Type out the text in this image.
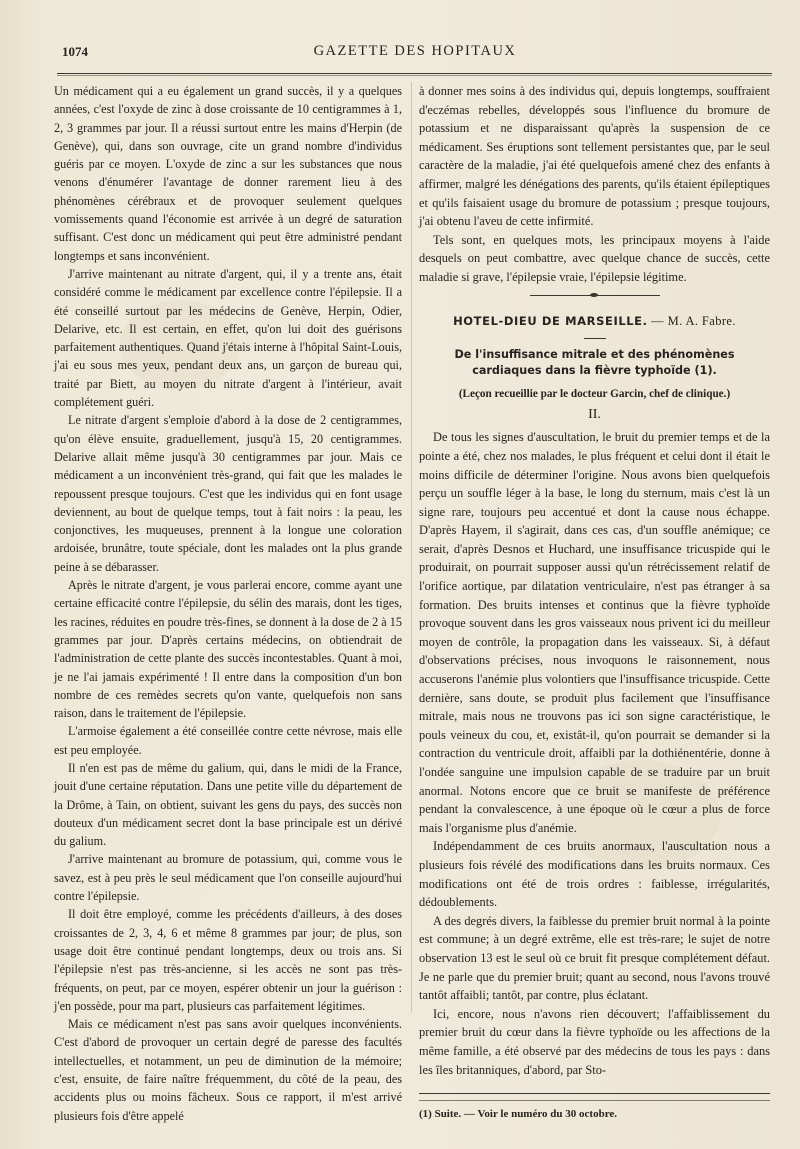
1074	GAZETTE DES HOPITAUX

Un médicament qui a eu également un grand succès, il y a quelques années, c'est l'oxyde de zinc à dose croissante de 10 centigrammes à 1, 2, 3 grammes par jour. Il a réussi surtout entre les mains d'Herpin (de Genève), qui, dans son ouvrage, cite un grand nombre d'individus guéris par ce moyen. L'oxyde de zinc a sur les substances que nous venons d'énumérer l'avantage de donner rarement lieu à des phénomènes cérébraux et de provoquer seulement quelques vomissements quand l'économie est arrivée à un degré de saturation suffisant. C'est donc un médicament qui peut être administré pendant longtemps et sans inconvénient.

J'arrive maintenant au nitrate d'argent, qui, il y a trente ans, était considéré comme le médicament par excellence contre l'épilepsie. Il a été conseillé surtout par les médecins de Genève, Herpin, Odier, Delarive, etc. Il est certain, en effet, qu'on lui doit des guérisons parfaitement authentiques. Quand j'étais interne à l'hôpital Saint-Louis, j'ai eu sous mes yeux, pendant deux ans, un garçon de bureau qui, traité par Biett, au moyen du nitrate d'argent à l'intérieur, avait complétement guéri.

Le nitrate d'argent s'emploie d'abord à la dose de 2 centigrammes, qu'on élève ensuite, graduellement, jusqu'à 15, 20 centigrammes. Delarive allait même jusqu'à 30 centigrammes par jour. Mais ce médicament a un inconvénient très-grand, qui fait que les malades le repoussent presque toujours. C'est que les individus qui en font usage deviennent, au bout de quelque temps, tout à fait noirs : la peau, les conjonctives, les muqueuses, prennent à la longue une coloration ardoisée, brunâtre, toute spéciale, dont les malades ont la plus grande peine à se débarasser.

Après le nitrate d'argent, je vous parlerai encore, comme ayant une certaine efficacité contre l'épilepsie, du sélin des marais, dont les tiges, les racines, réduites en poudre très-fines, se donnent à la dose de 2 à 15 grammes par jour. D'après certains médecins, on obtiendrait de l'administration de cette plante des succès incontestables. Quant à moi, je ne l'ai jamais expérimenté ! Il entre dans la composition d'un bon nombre de ces remèdes secrets qu'on vante, quelquefois non sans raison, dans le traitement de l'épilepsie.

L'armoise également a été conseillée contre cette névrose, mais elle est peu employée.

Il n'en est pas de même du galium, qui, dans le midi de la France, jouit d'une certaine réputation. Dans une petite ville du département de la Drôme, à Tain, on obtient, suivant les gens du pays, des succès non douteux d'un médicament secret dont la base principale est un dérivé du galium.

J'arrive maintenant au bromure de potassium, qui, comme vous le savez, est à peu près le seul médicament que l'on conseille aujourd'hui contre l'épilepsie.

Il doit être employé, comme les précédents d'ailleurs, à des doses croissantes de 2, 3, 4, 6 et même 8 grammes par jour; de plus, son usage doit être continué pendant longtemps, deux ou trois ans. Si l'épilepsie n'est pas très-ancienne, si les accès ne sont pas très-fréquents, on peut, par ce moyen, espérer obtenir un jour la guérison : j'en possède, pour ma part, plusieurs cas parfaitement légitimes.

Mais ce médicament n'est pas sans avoir quelques inconvénients. C'est d'abord de provoquer un certain degré de paresse des facultés intellectuelles, et notamment, un peu de diminution de la mémoire; c'est, ensuite, de faire naître fréquemment, du côté de la peau, des accidents plus ou moins fâcheux. Sous ce rapport, il m'est arrivé plusieurs fois d'être appelé

à donner mes soins à des individus qui, depuis longtemps, souffraient d'eczémas rebelles, développés sous l'influence du bromure de potassium et ne disparaissant qu'après la suspension de ce médicament. Ses éruptions sont tellement persistantes que, par le seul caractère de la maladie, j'ai été quelquefois amené chez des enfants à affirmer, malgré les dénégations des parents, qu'ils étaient épileptiques et qu'ils faisaient usage du bromure de potassium ; presque toujours, j'ai obtenu l'aveu de cette infirmité.

Tels sont, en quelques mots, les principaux moyens à l'aide desquels on peut combattre, avec quelque chance de succès, cette maladie si grave, l'épilepsie vraie, l'épilepsie légitime.

HOTEL-DIEU DE MARSEILLE. — M. A. Fabre.
De l'insuffisance mitrale et des phénomènes cardiaques dans la fièvre typhoïde (1).
(Leçon recueillie par le docteur Garcin, chef de clinique.)
II.

De tous les signes d'auscultation, le bruit du premier temps et de la pointe a été, chez nos malades, le plus fréquent et celui dont il était le moins difficile de déterminer l'origine. Nous avons bien quelquefois perçu un souffle léger à la base, le long du sternum, mais c'est là un signe rare, toujours peu accentué et dont la cause nous échappe. D'après Hayem, il s'agirait, dans ces cas, d'un souffle anémique; ce serait, d'après Desnos et Huchard, une insuffisance tricuspide qui le produirait, on pourrait supposer aussi qu'un rétrécissement relatif de l'orifice aortique, par dilatation ventriculaire, n'est pas étranger à sa formation. Des bruits intenses et continus que la fièvre typhoïde provoque souvent dans les gros vaisseaux nous privent ici du meilleur moyen de contrôle, la propagation dans les vaisseaux. Si, à défaut d'observations précises, nous invoquons le raisonnement, nous accuserons l'anémie plus volontiers que l'insuffisance tricuspide. Cette dernière, sans doute, se produit plus facilement que l'insuffisance mitrale, mais nous ne trouvons pas ici son signe caractéristique, le pouls veineux du cou, et, existât-il, qu'on pourrait se demander si la contraction du ventricule droit, affaibli par la dothiénentérie, donne à l'ondée sanguine une impulsion capable de se traduire par un bruit anormal. Notons encore que ce bruit se manifeste de préférence pendant la convalescence, à une époque où le cœur a plus de force mais l'organisme plus d'anémie.

Indépendamment de ces bruits anormaux, l'auscultation nous a plusieurs fois révélé des modifications dans les bruits normaux. Ces modifications ont été de trois ordres : faiblesse, irrégularités, dédoublements.

A des degrés divers, la faiblesse du premier bruit normal à la pointe est commune; à un degré extrême, elle est très-rare; le sujet de notre observation 13 est le seul où ce bruit fit presque complétement défaut. Je ne parle que du premier bruit; quant au second, nous l'avons trouvé tantôt affaibli; tantôt, par contre, plus éclatant.

Ici, encore, nous n'avons rien découvert; l'affaiblissement du premier bruit du cœur dans la fièvre typhoïde ou les affections de la même famille, a été observé par des médecins de tous les pays : dans les îles britanniques, d'abord, par Sto-

(1) Suite. — Voir le numéro du 30 octobre.
